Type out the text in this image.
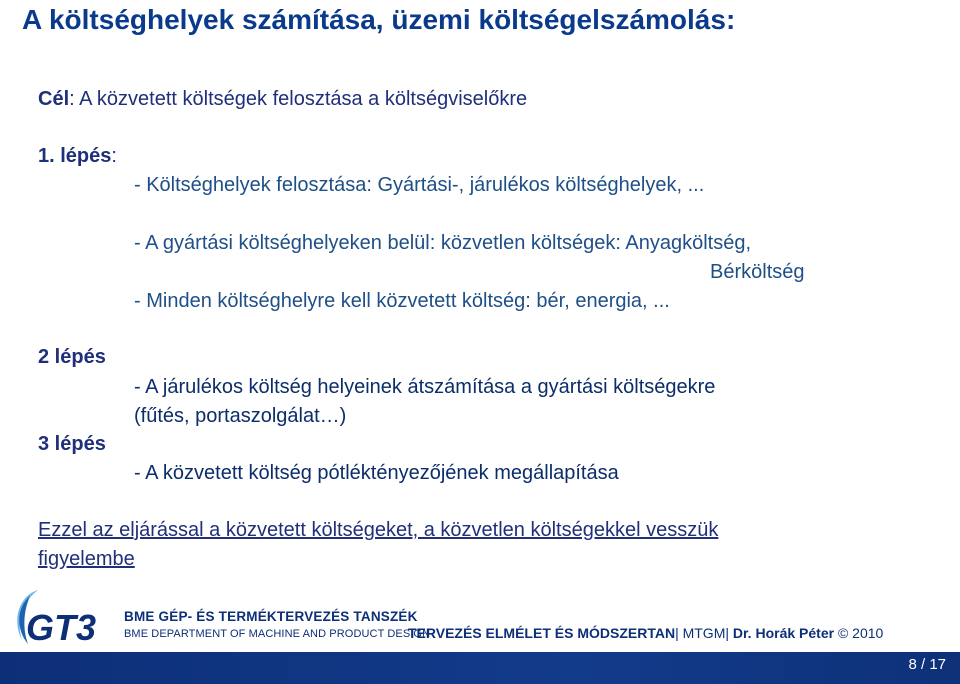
A költséghelyek számítása, üzemi költségelszámolás:
Cél: A közvetett költségek felosztása a költségviselőkre
1. lépés:
- Költséghelyek felosztása: Gyártási-, járulékos költséghelyek, ...
- A gyártási költséghelyeken belül: közvetlen költségek: Anyagköltség,
Bérköltség
- Minden költséghelyre kell közvetett költség: bér, energia, ...
2 lépés
- A járulékos költség helyeinek átszámítása a gyártási költségekre
(fűtés, portaszolgálat…)
3 lépés
- A közvetett költség pótléktényezőjének megállapítása
Ezzel az eljárással a közvetett költségeket, a közvetlen költségekkel vesszük
figyelembe
GT3 BME GÉP- ÉS TERMÉKTERVEZÉS TANSZÉK
BME DEPARTMENT OF MACHINE AND PRODUCT DESIGN
TERVEZÉS ELMÉLET ÉS MÓDSZERTAN| MTGM| Dr. Horák Péter © 2010
8 / 17
